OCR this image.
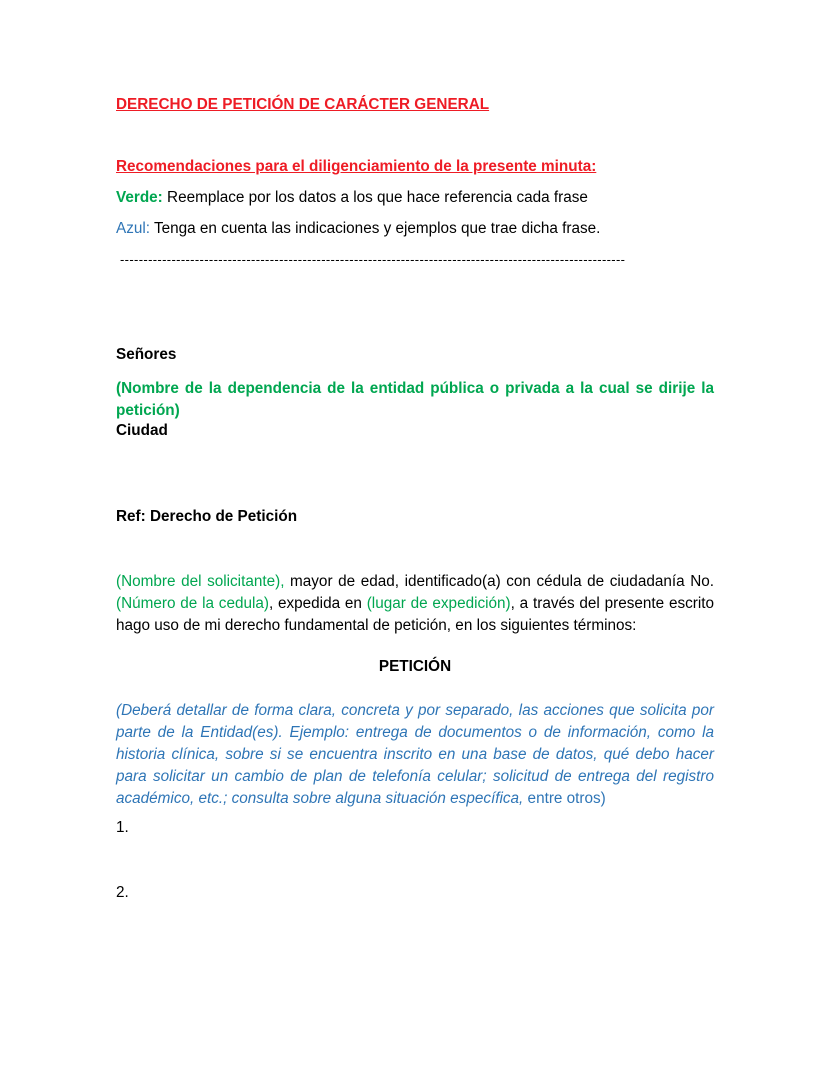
DERECHO DE PETICIÓN DE CARÁCTER GENERAL

Recomendaciones para el diligenciamiento de la presente minuta:

Verde: Reemplace por los datos a los que hace referencia cada frase

Azul: Tenga en cuenta las indicaciones y ejemplos que trae dicha frase.

------------------------------------------------------------------------------------------------------------

Señores

(Nombre de la dependencia de la entidad pública o privada a la cual se dirije la petición)

Ciudad

Ref: Derecho de Petición

(Nombre del solicitante), mayor de edad, identificado(a) con cédula de ciudadanía No. (Número de la cedula), expedida en (lugar de expedición), a través del presente escrito hago uso de mi derecho fundamental de petición, en los siguientes términos:

PETICIÓN

(Deberá detallar de forma clara, concreta y por separado, las acciones que solicita por parte de la Entidad(es). Ejemplo: entrega de documentos o de información, como la historia clínica, sobre si se encuentra inscrito en una base de datos, qué debo hacer para solicitar un cambio de plan de telefonía celular; solicitud de entrega del registro académico, etc.; consulta sobre alguna situación específica, entre otros)

1.

2.
